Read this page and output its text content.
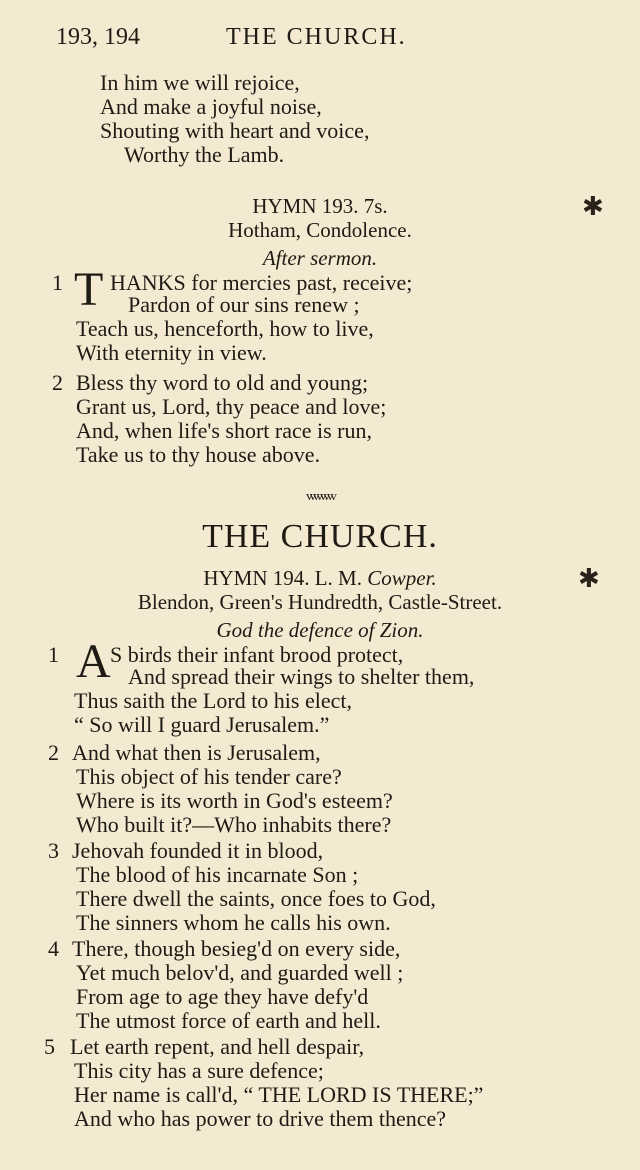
193, 194	THE CHURCH.
In him we will rejoice,
And make a joyful noise,
Shouting with heart and voice,
Worthy the Lamb.
HYMN 193. 7s.	✱
Hotham, Condolence.
After sermon.
1 T HANKS for mercies past, receive;
Pardon of our sins renew ;
Teach us, henceforth, how to live,
With eternity in view.
2 Bless thy word to old and young;
Grant us, Lord, thy peace and love;
And, when life's short race is run,
Take us to thy house above.
ᵥᵥᵥᵥᵥᵥᵥᵥ
THE CHURCH.
HYMN 194. L. M. Cowper.	✱
Blendon, Green's Hundredth, Castle-Street.
God the defence of Zion.
1 A S birds their infant brood protect,
And spread their wings to shelter them,
Thus saith the Lord to his elect,
“ So will I guard Jerusalem.”
2 And what then is Jerusalem,
This object of his tender care?
Where is its worth in God's esteem?
Who built it?—Who inhabits there?
3 Jehovah founded it in blood,
The blood of his incarnate Son ;
There dwell the saints, once foes to God,
The sinners whom he calls his own.
4 There, though besieg'd on every side,
Yet much belov'd, and guarded well ;
From age to age they have defy'd
The utmost force of earth and hell.
5 Let earth repent, and hell despair,
This city has a sure defence;
Her name is call'd, “ THE LORD IS THERE;”
And who has power to drive them thence?
